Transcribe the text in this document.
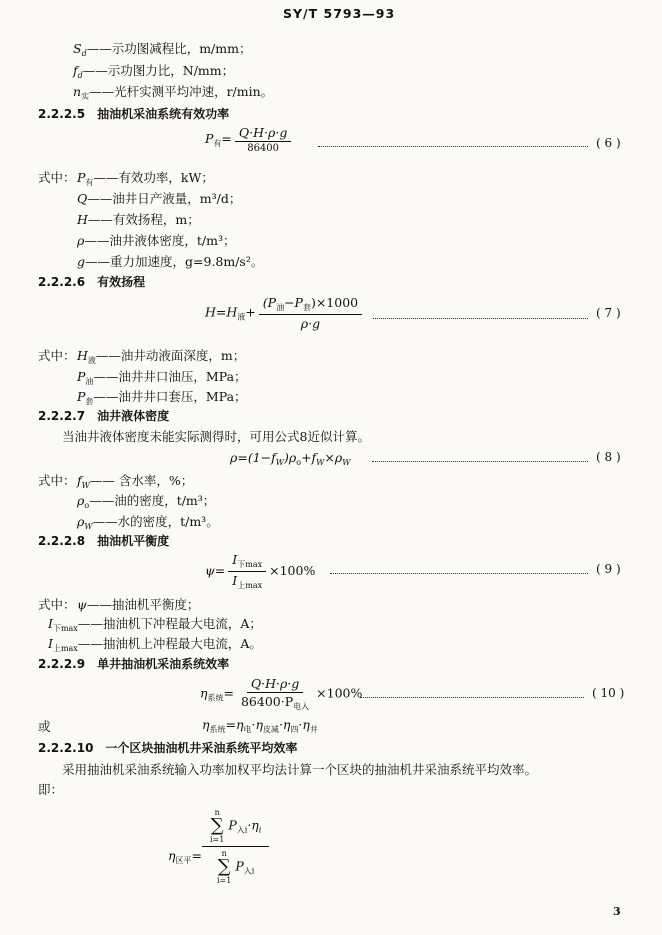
SY/T 5793—93
$S_d——$示功图减程比，m/mm；
$f_d——$示功图力比，N/mm；
$n_实——$光杆实测平均冲速，r/min。
2.2.2.5　抽油机采油系统有效功率
$P_有= \frac{Q\cdot H\cdot\rho\cdot g}{86400}$	( 6 )
式中： $P_有——$有效功率，kW；
Q——油井日产液量，m³/d；
H——有效扬程，m；
ρ——油井液体密度，t/m³；
g——重力加速度，g=9.8m/s²。
2.2.2.6　有效扬程
$H=H_液+ \frac{(P_油-P_套)\times 1000}{\rho\cdot g}$	( 7 )
式中： $H_液——$油井动液面深度，m；
$P_油——$油井井口油压，MPa；
$P_套——$油井井口套压，MPa；
2.2.2.7　油井液体密度
当油井液体密度未能实际测得时，可用公式8近似计算。
$\rho=(1-f_W)\rho_o+f_W\times\rho_W$	( 8 )
式中： $f_W——$ 含水率，%；
$\rho_o——$油的密度，t/m³；
$\rho_W——$水的密度，t/m³。
2.2.2.8　抽油机平衡度
$\psi= \frac{I_{下max}}{I_{上max}} \times 100\%$	( 9 )
式中： ψ——抽油机平衡度；
$I_{下max}——$抽油机下冲程最大电流，A；
$I_{上max}——$抽油机上冲程最大电流，A。
2.2.2.9　单井抽油机采油系统效率
$\eta_{系统}= \frac{Q\cdot H\cdot\rho\cdot g}{86400\cdot P_{电入}} \times 100\%$	( 10 )
或	$\eta_{系统}=\eta_电\cdot\eta_{皮减}\cdot\eta_四\cdot\eta_井$
2.2.2.10　一个区块抽油机井采油系统平均效率
采用抽油机采油系统输入功率加权平均法计算一个区块的抽油机井采油系统平均效率。
即：
$\eta_{区平}= n$
∑
i=1
$P_{入i}\cdot\eta_i$
n
∑
i=1
$P_{入i}$
3
